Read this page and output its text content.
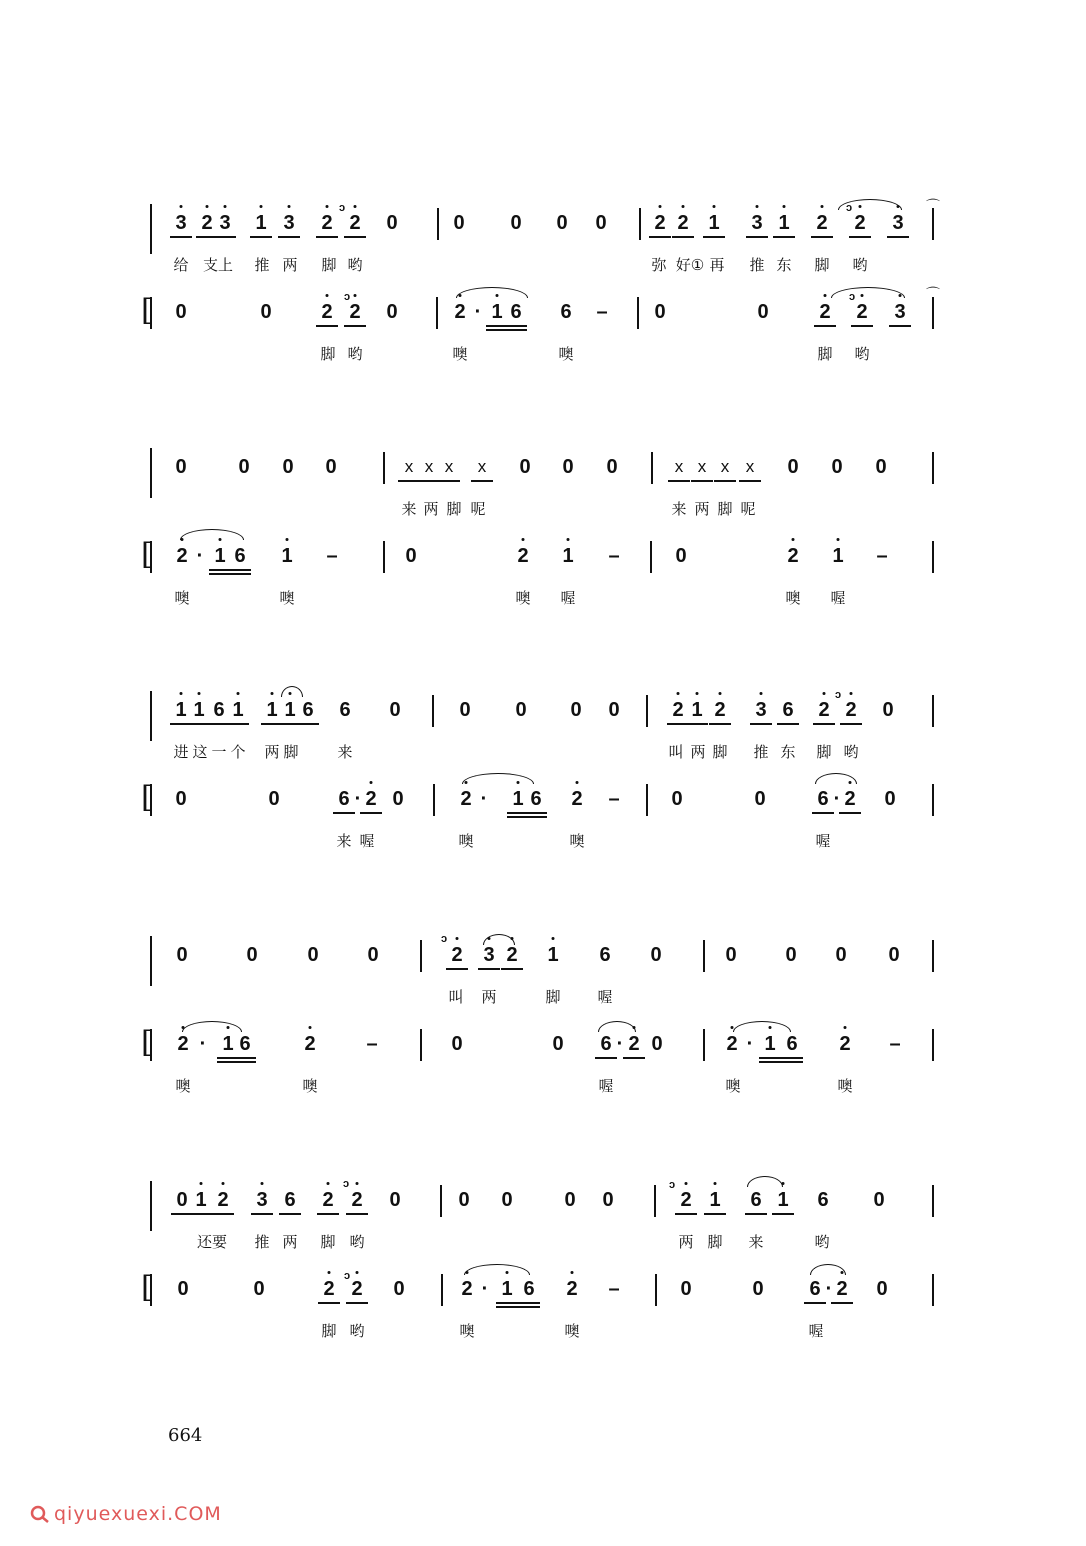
3 2 3 1 3 2 2 0	0 0 0 0 2 2 1 3 1 2 2 3
给 支上 推 两 脚 哟	弥 好① 再 推 东 脚 哟
0	0 2 2 0	2 · 1 6 6 – 0	0	2 2 3
脚 哟	噢	噢	脚 哟
[
0	0 0 0	x x x x 0 0 0	x x x x 0 0 0
来 两 脚 呢	来 两 脚 呢
2 · 1 6 1 –	0	2 1 –	0	2 1 –
噢	噢	噢 喔	噢 喔
[
1 1 6 1 1 1 6 6 0	0 0 0 0	2 1 2 3 6 2 2 0
进 这 一 个 两 脚	来	叫 两 脚 推 东 脚 哟
0	0	6 · 2 0	2 · 1 6 2 –	0	0	6 · 2 0
来 喔	噢	噢	喔
[
0	0 0 0	2 3 2 1 6 0	0 0 0 0
叫 两	脚 喔
2 · 1 6	2	–	0	0 6 · 2 0	2 · 1 6 2 –
噢	噢	喔	噢	噢
[
0 1 2 3 6 2 2 0	0 0	0 0	2 1 6 1 6 0
还要 推 两 脚 哟	两 脚 来	哟
0	0	2 2 0	2 · 1 6 2 –	0	0 6 · 2 0
脚 哟	噢	噢	喔
[
ↄ	ↄ
ↄ
ↄ
ↄ
ↄ
ↄ
ↄ
ↄ
⌒
⌒
664
qiyuexuexi.COM
